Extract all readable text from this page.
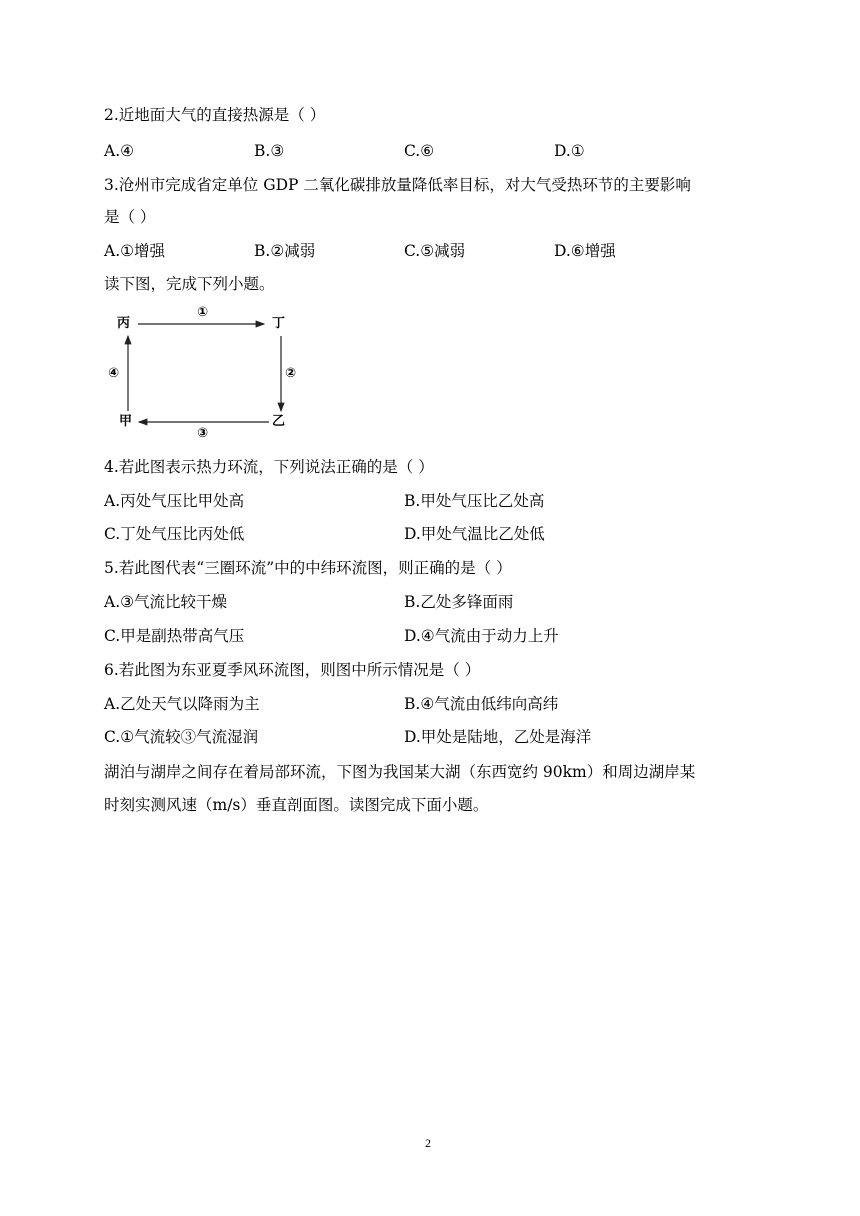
2.近地面大气的直接热源是（ ）
A.④	B.③	C.⑥	D.①
3.沧州市完成省定单位 GDP 二氧化碳排放量降低率目标，对大气受热环节的主要影响
是（ ）
A.①增强	B.②减弱	C.⑤减弱	D.⑥增强
读下图，完成下列小题。
丙	丁
甲	乙
①
②
③
④
4.若此图表示热力环流，下列说法正确的是（ ）
A.丙处气压比甲处高	B.甲处气压比乙处高
C.丁处气压比丙处低	D.甲处气温比乙处低
5.若此图代表“三圈环流”中的中纬环流图，则正确的是（ ）
A.③气流比较干燥	B.乙处多锋面雨
C.甲是副热带高气压	D.④气流由于动力上升
6.若此图为东亚夏季风环流图，则图中所示情况是（ ）
A.乙处天气以降雨为主	B.④气流由低纬向高纬
C.①气流较③气流湿润	D.甲处是陆地，乙处是海洋
湖泊与湖岸之间存在着局部环流，下图为我国某大湖（东西宽约 90km）和周边湖岸某
时刻实测风速（m/s）垂直剖面图。读图完成下面小题。
2
